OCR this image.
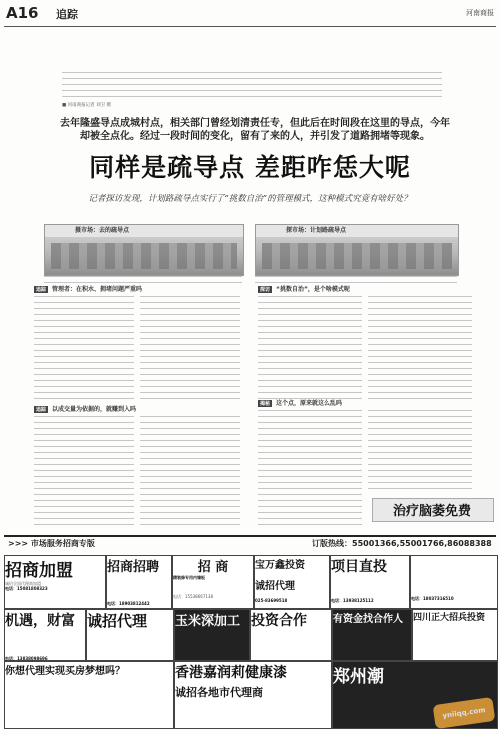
A16 追踪	河南商报
■ 河南商报记者 刘卫 摄
去年隆盛导点成城村点，相关部门曾经划清责任专，但此后在时间段在这里的导点，今年却被全点化。经过一段时间的变化，留有了来的人，并引发了道路拥堵等现象。
同样是疏导点 差距咋恁大呢
记者探访发现，计划路疏导点实行了“挑数自治”的管理模式，这种模式究竟有啥好处？
摄市场：去的疏导点	探市场：计划路疏导点
追踪 管理者：在积水、拥堵问题严重吗
追踪 以成交量为依据的，就赚到入吗
探访 “挑数自治”，是个啥模式呢
揭秘 这个点，原来就这么乱吗
治疗脑萎免费
>>> 市场服务招商专版	订版热线：55001366,55001766,86088388
招商加盟
诚招全国代理商加盟
电话：15081808323
招商招聘
电话：18903812442
招 商
精装修专用内墙板
电话：15538667138
宝万鑫投资
诚招代理
025-83699518
项目直投
电话：13938125112	电话：18037316510
机遇，财富
电话：13838098696
诚招代理	玉米深加工 投资合作	有资金找合作人	四川正大招兵投资
你想代理实现买房梦想吗？	香港嘉润莉健康漆
诚招各地市代理商
郑州潮
yniiqq.com
